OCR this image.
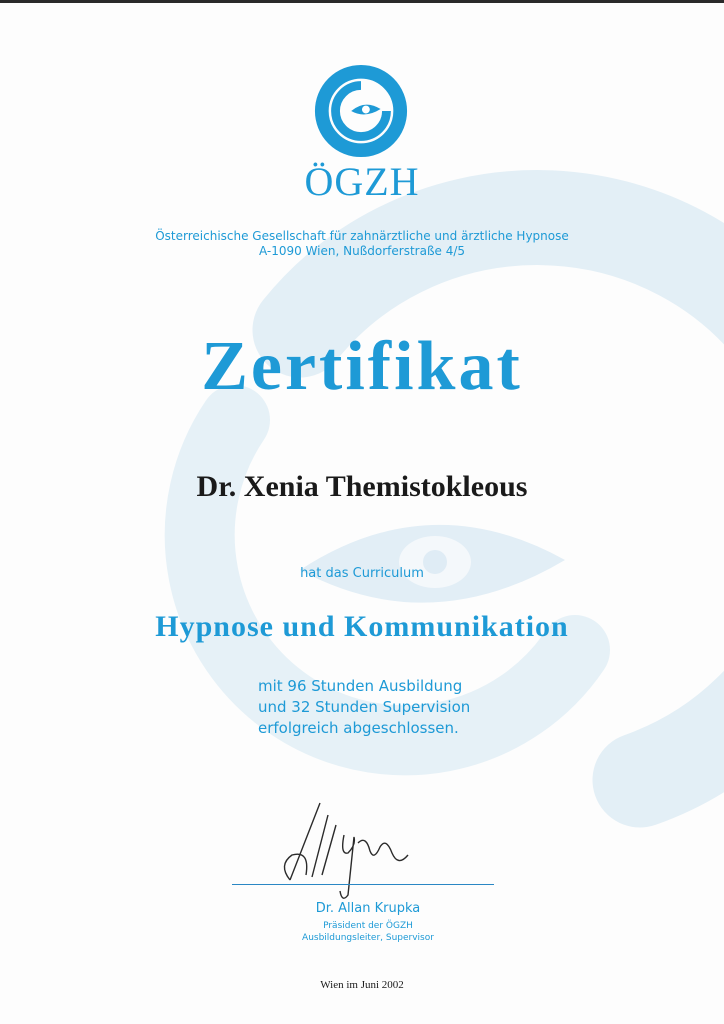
ÖGZH
Österreichische Gesellschaft für zahnärztliche und ärztliche Hypnose
A-1090 Wien, Nußdorferstraße 4/5
Zertifikat
Dr. Xenia Themistokleous
hat das Curriculum
Hypnose und Kommunikation
mit 96 Stunden Ausbildung
und 32 Stunden Supervision
erfolgreich abgeschlossen.
Dr. Allan Krupka
Präsident der ÖGZH
Ausbildungsleiter, Supervisor
Wien im Juni 2002
